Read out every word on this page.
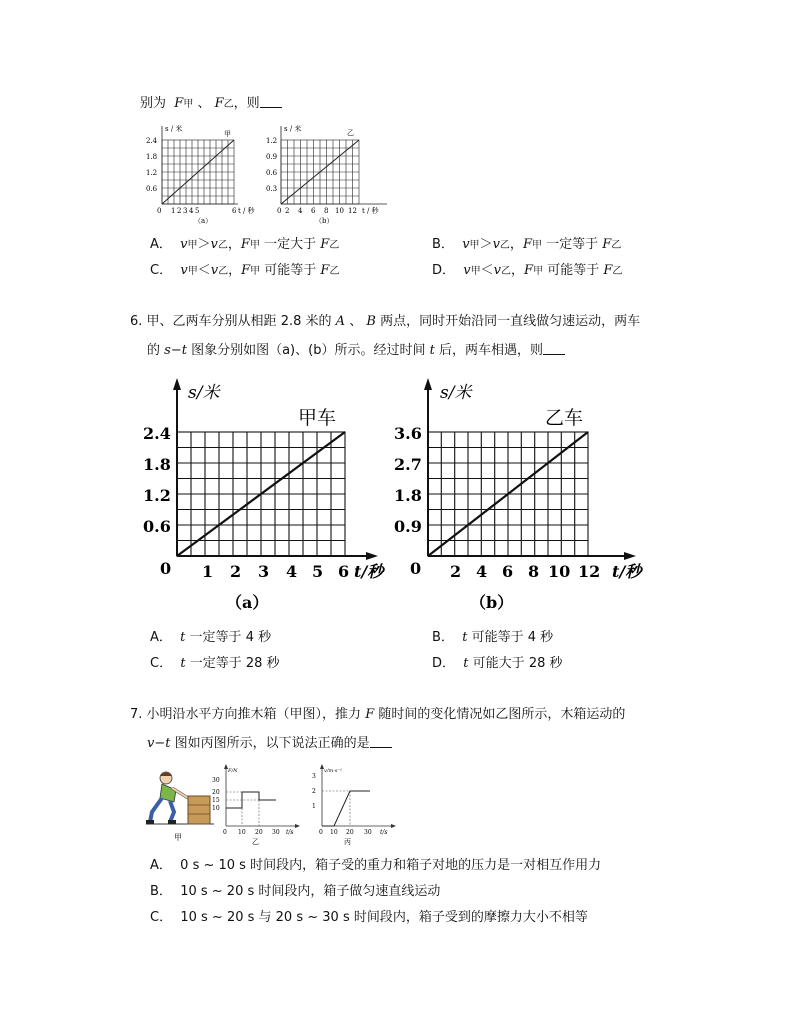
别为 F甲 、 F乙，则
s / 米
甲
2.4
1.8
1.2
0.6
0 1 2 3 4 5	6 t / 秒
（a）
s / 米	乙
1.2
0.9
0.6
0.3
0 2 4 6 8 10 12 t / 秒
（b）
A． v甲＞v乙，F甲 一定大于 F乙	B． v甲＞v乙，F甲 一定等于 F乙
C． v甲＜v乙，F甲 可能等于 F乙	D． v甲＜v乙，F甲 可能等于 F乙
6. 甲、乙两车分别从相距 2.8 米的 A 、 B 两点，同时开始沿同一直线做匀速运动，两车
的 s−t 图象分别如图（a)、(b）所示。经过时间 t 后，两车相遇，则
s/米
甲车
2.4
1.8
1.2
0.6
0 1 2 3 4 5 6 t/秒
（a）
s/米
乙车
3.6
2.7
1.8
0.9
0 2 4 6 8 10 12 t/秒
（b）
A． t 一定等于 4 秒	B． t 可能等于 4 秒
C． t 一定等于 28 秒	D． t 可能大于 28 秒
7. 小明沿水平方向推木箱（甲图），推力 F 随时间的变化情况如乙图所示，木箱运动的
v−t 图如丙图所示，以下说法正确的是
甲
F/N
30
20
15
10
0 10 20 30 t/s
乙
v/m·s⁻¹
3
2
1
0 10 20 30 t/s
丙
A． 0 s ~ 10 s 时间段内，箱子受的重力和箱子对地的压力是一对相互作用力
B． 10 s ~ 20 s 时间段内，箱子做匀速直线运动
C． 10 s ~ 20 s 与 20 s ~ 30 s 时间段内，箱子受到的摩擦力大小不相等
